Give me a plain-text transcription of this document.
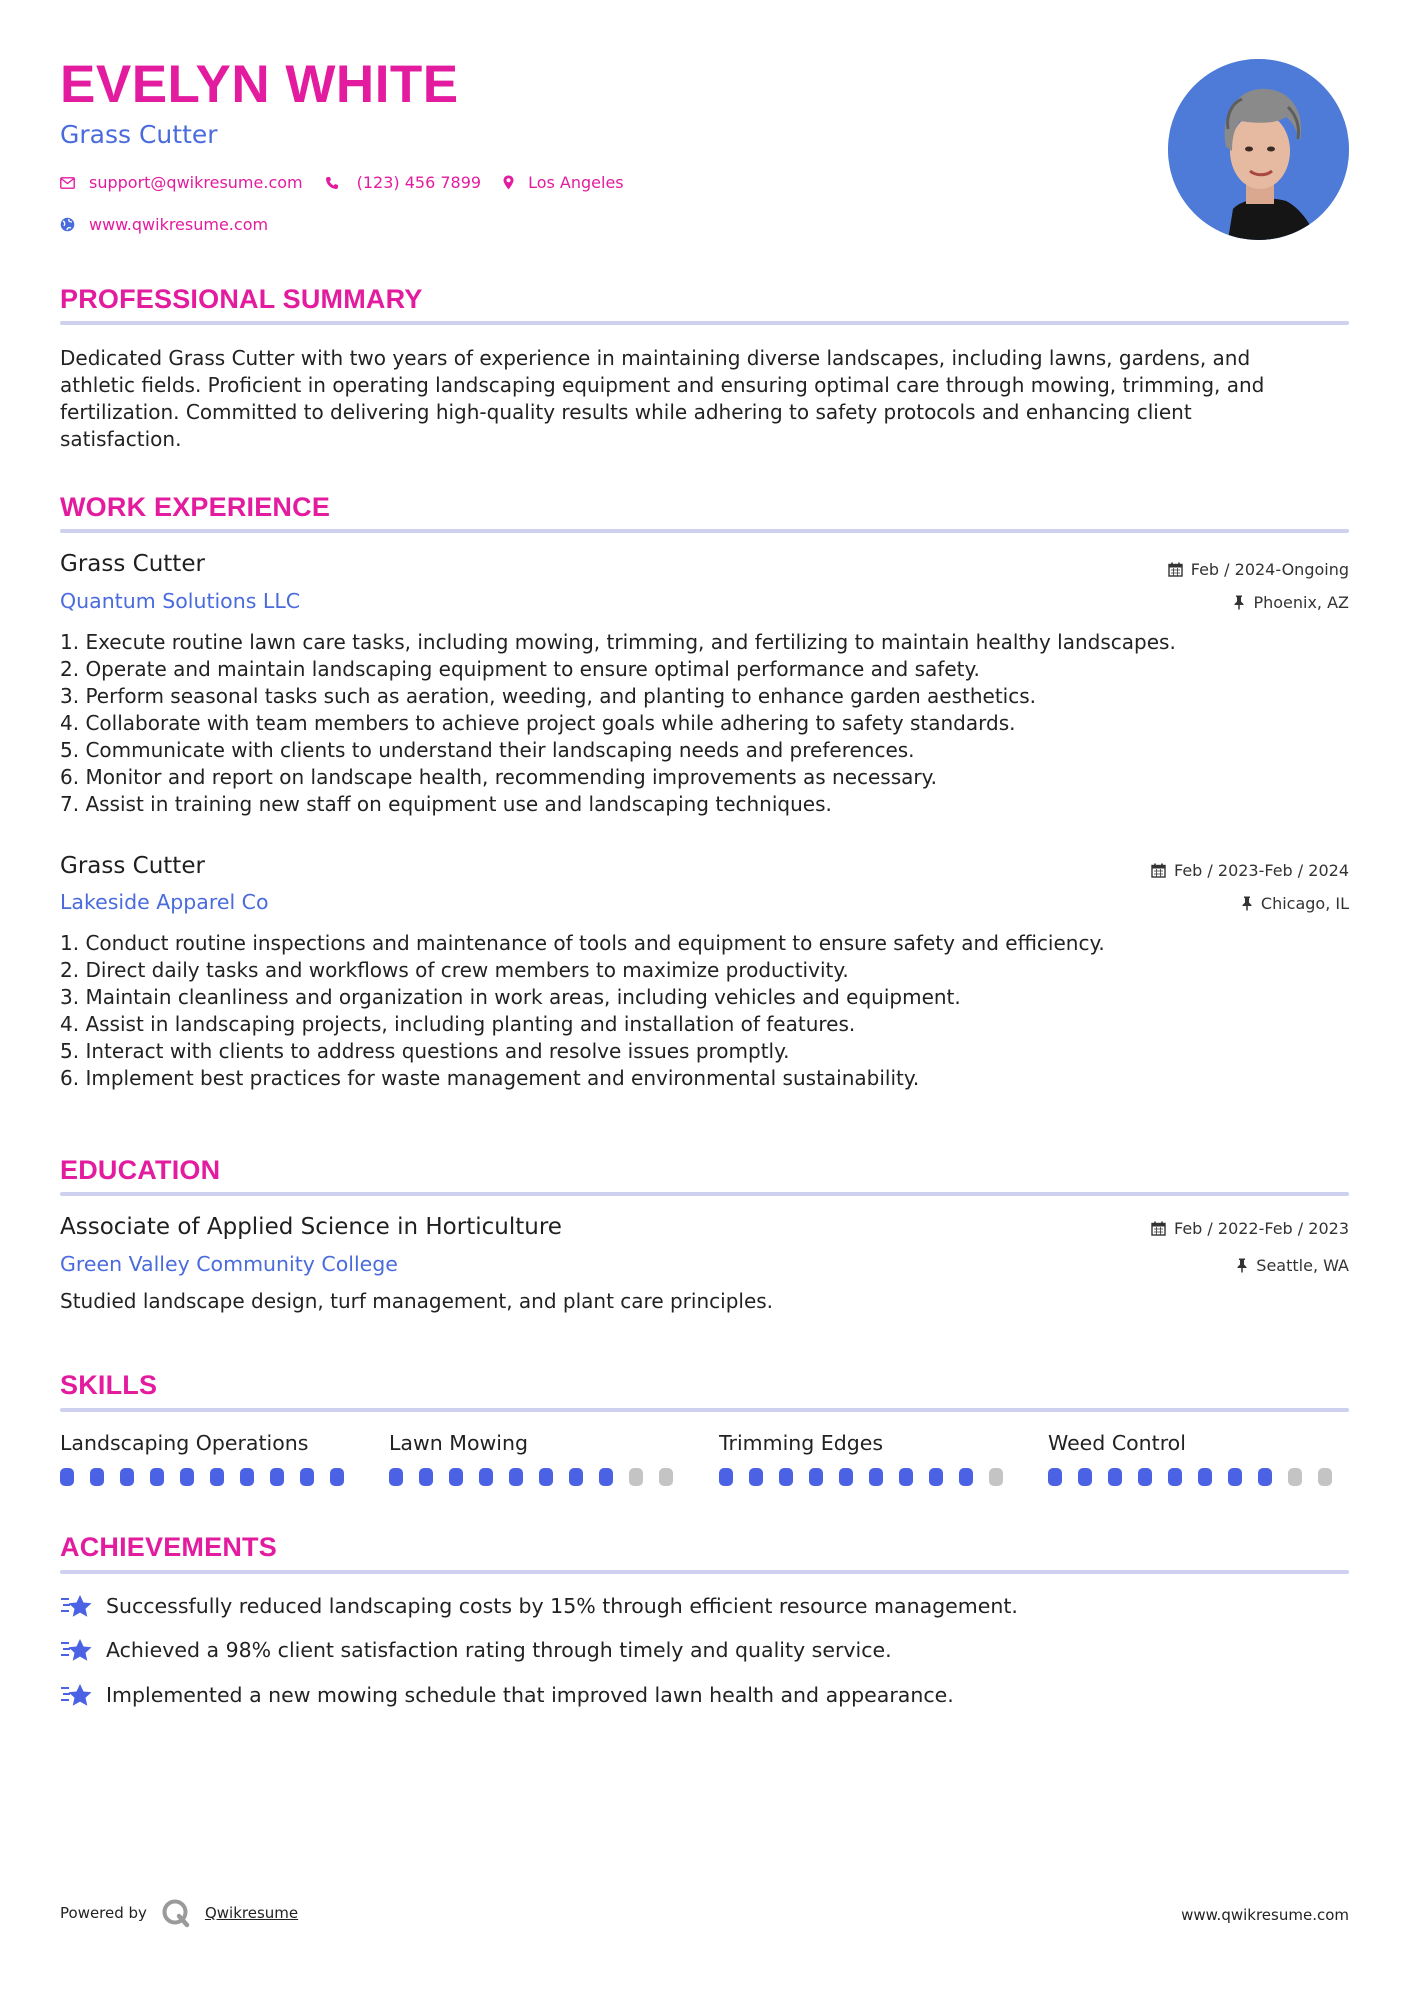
EVELYN WHITE
Grass Cutter
support@qwikresume.com	(123) 456 7899	Los Angeles
www.qwikresume.com
PROFESSIONAL SUMMARY
Dedicated Grass Cutter with two years of experience in maintaining diverse landscapes, including lawns, gardens, and
athletic fields. Proficient in operating landscaping equipment and ensuring optimal care through mowing, trimming, and
fertilization. Committed to delivering high-quality results while adhering to safety protocols and enhancing client
satisfaction.
WORK EXPERIENCE
Grass Cutter
Quantum Solutions LLC
Feb / 2024-Ongoing
Phoenix, AZ
1. Execute routine lawn care tasks, including mowing, trimming, and fertilizing to maintain healthy landscapes.
2. Operate and maintain landscaping equipment to ensure optimal performance and safety.
3. Perform seasonal tasks such as aeration, weeding, and planting to enhance garden aesthetics.
4. Collaborate with team members to achieve project goals while adhering to safety standards.
5. Communicate with clients to understand their landscaping needs and preferences.
6. Monitor and report on landscape health, recommending improvements as necessary.
7. Assist in training new staff on equipment use and landscaping techniques.
Grass Cutter
Lakeside Apparel Co
Feb / 2023-Feb / 2024
Chicago, IL
1. Conduct routine inspections and maintenance of tools and equipment to ensure safety and efficiency.
2. Direct daily tasks and workflows of crew members to maximize productivity.
3. Maintain cleanliness and organization in work areas, including vehicles and equipment.
4. Assist in landscaping projects, including planting and installation of features.
5. Interact with clients to address questions and resolve issues promptly.
6. Implement best practices for waste management and environmental sustainability.
EDUCATION
Associate of Applied Science in Horticulture
Green Valley Community College
Feb / 2022-Feb / 2023
Seattle, WA
Studied landscape design, turf management, and plant care principles.
SKILLS
Landscaping Operations	Lawn Mowing	Trimming Edges	Weed Control
ACHIEVEMENTS
Successfully reduced landscaping costs by 15% through efficient resource management.
Achieved a 98% client satisfaction rating through timely and quality service.
Implemented a new mowing schedule that improved lawn health and appearance.
Powered by	Qwikresume	www.qwikresume.com
